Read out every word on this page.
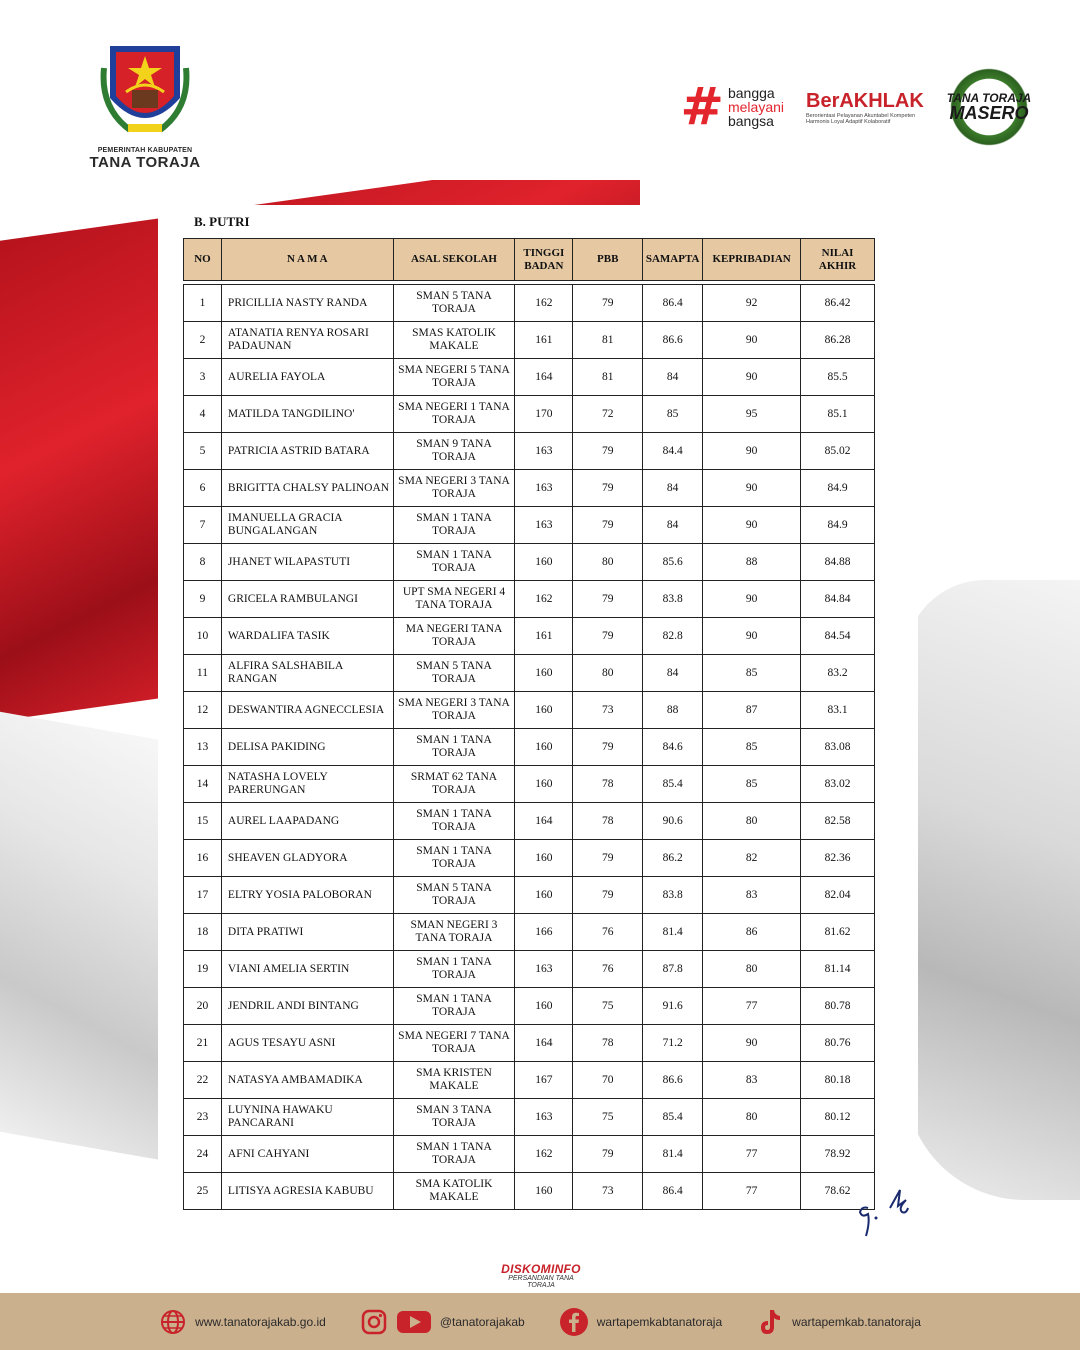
PEMERINTAH KABUPATEN
TANA TORAJA
# bangga
melayani
bangsa
BerAKHLAK
Berorientasi Pelayanan Akuntabel Kompeten
Harmonis Loyal Adaptif Kolaboratif
TANA TORAJA
MASERO
B. PUTRI
NO	N A M A	ASAL SEKOLAH	TINGGI BADAN	PBB	SAMAPTA	KEPRIBADIAN	NILAI AKHIR

1	PRICILLIA NASTY RANDA	SMAN 5 TANA TORAJA	162	79	86.4	92	86.42
2	ATANATIA RENYA ROSARI PADAUNAN	SMAS KATOLIK MAKALE	161	81	86.6	90	86.28
3	AURELIA FAYOLA	SMA NEGERI 5 TANA TORAJA	164	81	84	90	85.5
4	MATILDA TANGDILINO'	SMA NEGERI 1 TANA TORAJA	170	72	85	95	85.1
5	PATRICIA ASTRID BATARA	SMAN 9 TANA TORAJA	163	79	84.4	90	85.02
6	BRIGITTA CHALSY PALINOAN	SMA NEGERI 3 TANA TORAJA	163	79	84	90	84.9
7	IMANUELLA GRACIA BUNGALANGAN	SMAN 1 TANA TORAJA	163	79	84	90	84.9
8	JHANET WILAPASTUTI	SMAN 1 TANA TORAJA	160	80	85.6	88	84.88
9	GRICELA RAMBULANGI	UPT SMA NEGERI 4 TANA TORAJA	162	79	83.8	90	84.84
10	WARDALIFA TASIK	MA NEGERI TANA TORAJA	161	79	82.8	90	84.54
11	ALFIRA SALSHABILA RANGAN	SMAN 5 TANA TORAJA	160	80	84	85	83.2
12	DESWANTIRA AGNECCLESIA	SMA NEGERI 3 TANA TORAJA	160	73	88	87	83.1
13	DELISA PAKIDING	SMAN 1 TANA TORAJA	160	79	84.6	85	83.08
14	NATASHA LOVELY PARERUNGAN	SRMAT 62 TANA TORAJA	160	78	85.4	85	83.02
15	AUREL LAAPADANG	SMAN 1 TANA TORAJA	164	78	90.6	80	82.58
16	SHEAVEN GLADYORA	SMAN 1 TANA TORAJA	160	79	86.2	82	82.36
17	ELTRY YOSIA PALOBORAN	SMAN 5 TANA TORAJA	160	79	83.8	83	82.04
18	DITA PRATIWI	SMAN NEGERI 3 TANA TORAJA	166	76	81.4	86	81.62
19	VIANI AMELIA SERTIN	SMAN 1 TANA TORAJA	163	76	87.8	80	81.14
20	JENDRIL ANDI BINTANG	SMAN 1 TANA TORAJA	160	75	91.6	77	80.78
21	AGUS TESAYU ASNI	SMA NEGERI 7 TANA TORAJA	164	78	71.2	90	80.76
22	NATASYA AMBAMADIKA	SMA KRISTEN MAKALE	167	70	86.6	83	80.18
23	LUYNINA HAWAKU PANCARANI	SMAN 3 TANA TORAJA	163	75	85.4	80	80.12
24	AFNI CAHYANI	SMAN 1 TANA TORAJA	162	79	81.4	77	78.92
25	LITISYA AGRESIA KABUBU	SMA KATOLIK MAKALE	160	73	86.4	77	78.62
DISKOMINFO
PERSANDIAN TANA TORAJA
www.tanatorajakab.go.id	@tanatorajakab	wartapemkabtanatoraja	wartapemkab.tanatoraja
